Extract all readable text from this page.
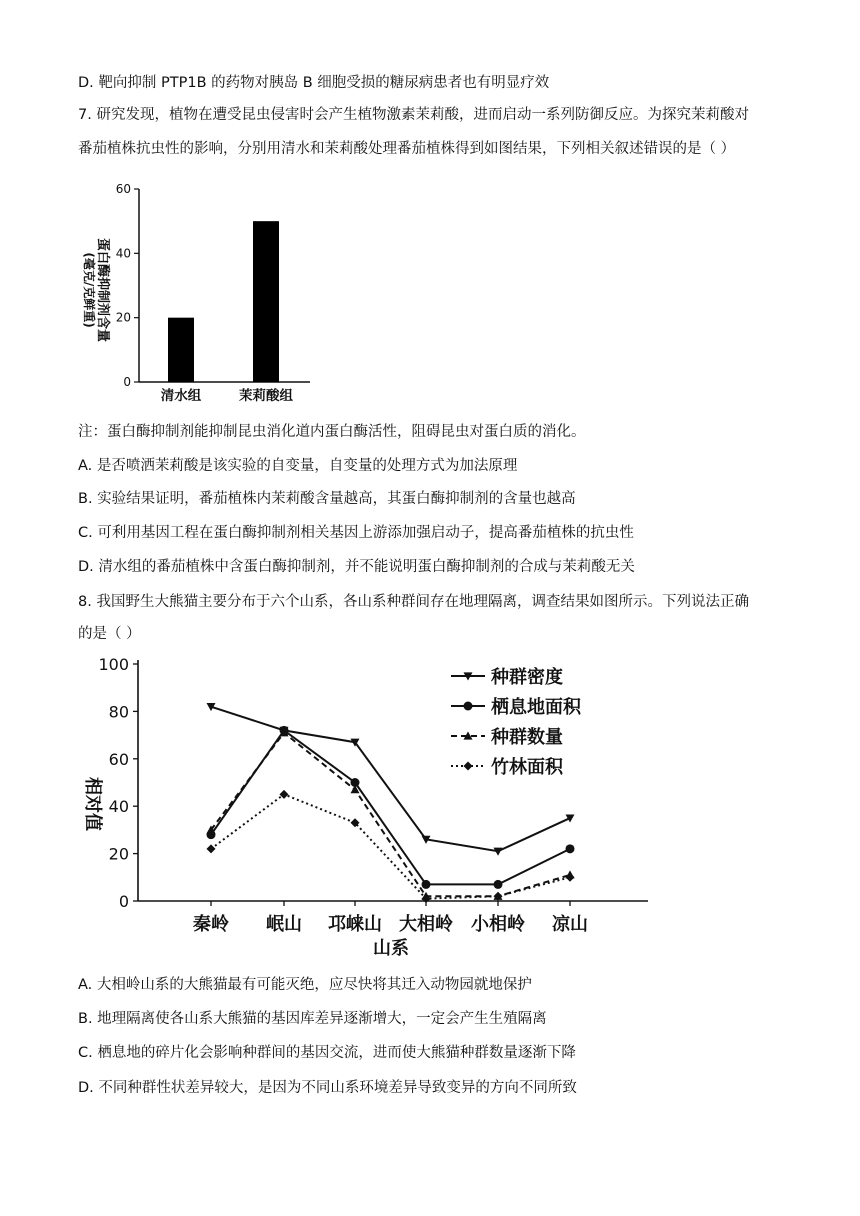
D. 靶向抑制 PTP1B 的药物对胰岛 B 细胞受损的糖尿病患者也有明显疗效

7. 研究发现，植物在遭受昆虫侵害时会产生植物激素茉莉酸，进而启动一系列防御反应。为探究茉莉酸对

番茄植株抗虫性的影响，分别用清水和茉莉酸处理番茄植株得到如图结果，下列相关叙述错误的是（ ）

0
20
40
60
清水组	茉莉酸组
蛋白酶抑制剂含量
(毫克/克鲜重)

注：蛋白酶抑制剂能抑制昆虫消化道内蛋白酶活性，阻碍昆虫对蛋白质的消化。

A. 是否喷洒茉莉酸是该实验的自变量，自变量的处理方式为加法原理

B. 实验结果证明，番茄植株内茉莉酸含量越高，其蛋白酶抑制剂的含量也越高

C. 可利用基因工程在蛋白酶抑制剂相关基因上游添加强启动子，提高番茄植株的抗虫性

D. 清水组的番茄植株中含蛋白酶抑制剂，并不能说明蛋白酶抑制剂的合成与茉莉酸无关

8. 我国野生大熊猫主要分布于六个山系，各山系种群间存在地理隔离，调查结果如图所示。下列说法正确

的是（ ）

0
20
40
60
80
100
秦岭 岷山 邛崃山 大相岭 小相岭 凉山
山系
相对值
种群密度
栖息地面积
种群数量
竹林面积

A. 大相岭山系的大熊猫最有可能灭绝，应尽快将其迁入动物园就地保护

B. 地理隔离使各山系大熊猫的基因库差异逐渐增大，一定会产生生殖隔离

C. 栖息地的碎片化会影响种群间的基因交流，进而使大熊猫种群数量逐渐下降

D. 不同种群性状差异较大，是因为不同山系环境差异导致变异的方向不同所致
